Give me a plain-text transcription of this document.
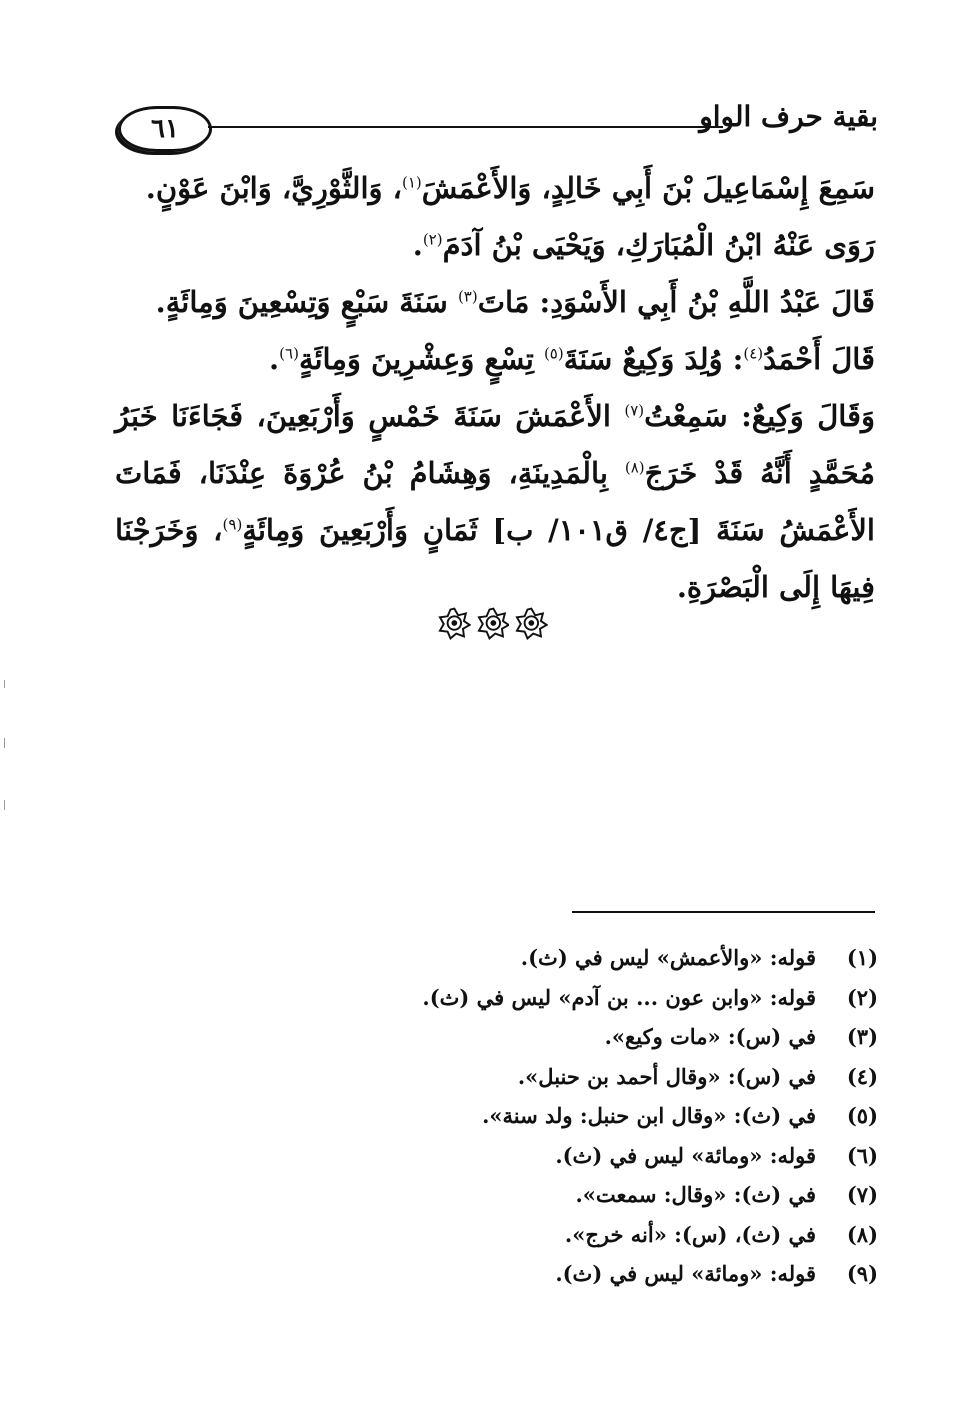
٦١	بقية حرف الواو

سَمِعَ إِسْمَاعِيلَ بْنَ أَبِي خَالِدٍ، وَالأَعْمَشَ$^{(١)}$، وَالثَّوْرِيَّ، وَابْنَ عَوْنٍ.

رَوَى عَنْهُ ابْنُ الْمُبَارَكِ، وَيَحْيَى بْنُ آدَمَ$^{(٢)}$.

قَالَ عَبْدُ اللَّهِ بْنُ أَبِي الأَسْوَدِ: مَاتَ$^{(٣)}$ سَنَةَ سَبْعٍ وَتِسْعِينَ وَمِائَةٍ.

قَالَ أَحْمَدُ$^{(٤)}$: وُلِدَ وَكِيعٌ سَنَةَ$^{(٥)}$ تِسْعٍ وَعِشْرِينَ وَمِائَةٍ$^{(٦)}$.

وَقَالَ وَكِيعٌ: سَمِعْتُ$^{(٧)}$ الأَعْمَشَ سَنَةَ خَمْسٍ وَأَرْبَعِينَ، فَجَاءَنَا خَبَرُ مُحَمَّدٍ أَنَّهُ قَدْ خَرَجَ$^{(٨)}$ بِالْمَدِينَةِ، وَهِشَامُ بْنُ عُرْوَةَ عِنْدَنَا، فَمَاتَ الأَعْمَشُ سَنَةَ [ج٤/ ق١٠١/ ب] ثَمَانٍ وَأَرْبَعِينَ وَمِائَةٍ$^{(٩)}$، وَخَرَجْنَا فِيهَا إِلَى الْبَصْرَةِ.

(١)
قوله: «والأعمش» ليس في (ث).
(٢)
قوله: «وابن عون ... بن آدم» ليس في (ث).
(٣)
في (س): «مات وكيع».
(٤)
في (س): «وقال أحمد بن حنبل».
(٥)
في (ث): «وقال ابن حنبل: ولد سنة».
(٦)
قوله: «ومائة» ليس في (ث).
(٧)
في (ث): «وقال: سمعت».
(٨)
في (ث)، (س): «أنه خرج».
(٩)
قوله: «ومائة» ليس في (ث).
